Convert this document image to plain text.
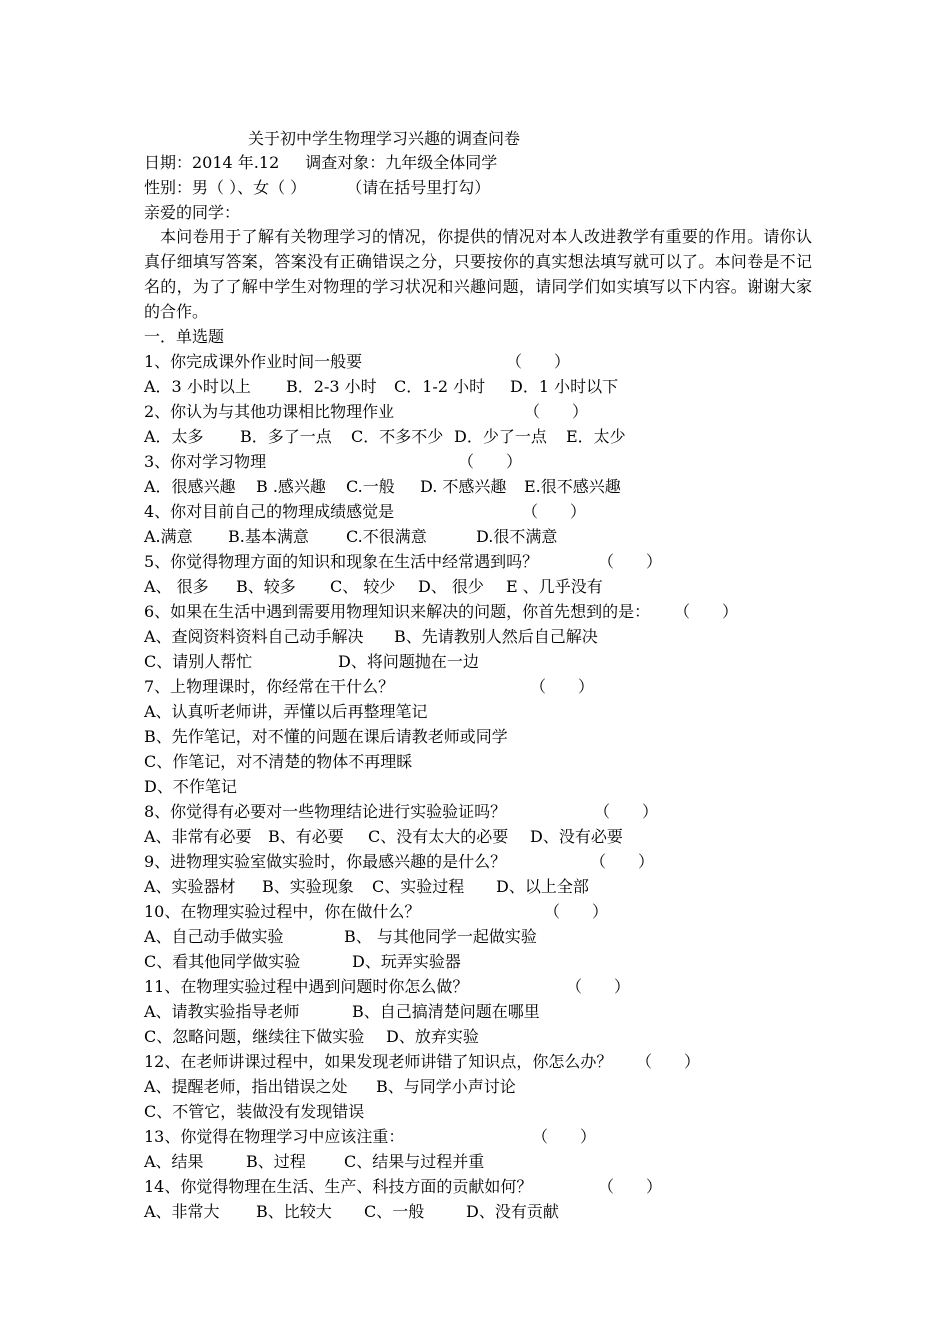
关于初中学生物理学习兴趣的调查问卷
日期：2014 年.12 调查对象：九年级全体同学
性别：男（ ）、女（ ）	（请在括号里打勾）
亲爱的同学：
本问卷用于了解有关物理学习的情况，你提供的情况对本人改进教学有重要的作用。请你认真仔细填写答案，答案没有正确错误之分，只要按你的真实想法填写就可以了。本问卷是不记名的，为了了解中学生对物理的学习状况和兴趣问题，请同学们如实填写以下内容。谢谢大家的合作。
一．单选题
1、你完成课外作业时间一般要	（　　）
A．3 小时以上 B．2-3 小时 C．1-2 小时 D．1 小时以下
2、你认为与其他功课相比物理作业	（　　）
A．太多 B．多了一点 C．不多不少 D．少了一点 E．太少
3、你对学习物理	（　　）
A．很感兴趣 B .感兴趣 C.一般 D. 不感兴趣 E.很不感兴趣
4、你对目前自己的物理成绩感觉是	（　　）
A.满意 B.基本满意 C.不很满意	D.很不满意
5、你觉得物理方面的知识和现象在生活中经常遇到吗？	（　　）
A、 很多 B、较多 C、 较少 D、 很少 E 、几乎没有
6、如果在生活中遇到需要用物理知识来解决的问题，你首先想到的是： （　　）
A、查阅资料资料自己动手解决 B、先请教别人然后自己解决
C、请别人帮忙	D、将问题抛在一边
7、上物理课时，你经常在干什么？	（　　）
A、认真听老师讲，弄懂以后再整理笔记
B、先作笔记，对不懂的问题在课后请教老师或同学
C、作笔记，对不清楚的物体不再理睬
D、不作笔记
8、你觉得有必要对一些物理结论进行实验验证吗？	（　　）
A、非常有必要 B、有必要 C、没有太大的必要 D、没有必要
9、进物理实验室做实验时，你最感兴趣的是什么？	（　　）
A、实验器材 B、实验现象 C、实验过程 D、以上全部
10、在物理实验过程中，你在做什么？	（　　）
A、自己动手做实验	B、 与其他同学一起做实验
C、看其他同学做实验	D、玩弄实验器
11、在物理实验过程中遇到问题时你怎么做？	（　　）
A、请教实验指导老师	B、自己搞清楚问题在哪里
C、忽略问题，继续往下做实验 D、放弃实验
12、在老师讲课过程中，如果发现老师讲错了知识点，你怎么办？ （　　）
A、提醒老师，指出错误之处 B、与同学小声讨论
C、不管它，装做没有发现错误
13、你觉得在物理学习中应该注重：	（　　）
A、结果	B、过程 C、结果与过程并重
14、你觉得物理在生活、生产、科技方面的贡献如何？	（　　）
A、非常大 B、比较大 C、一般	D、没有贡献
